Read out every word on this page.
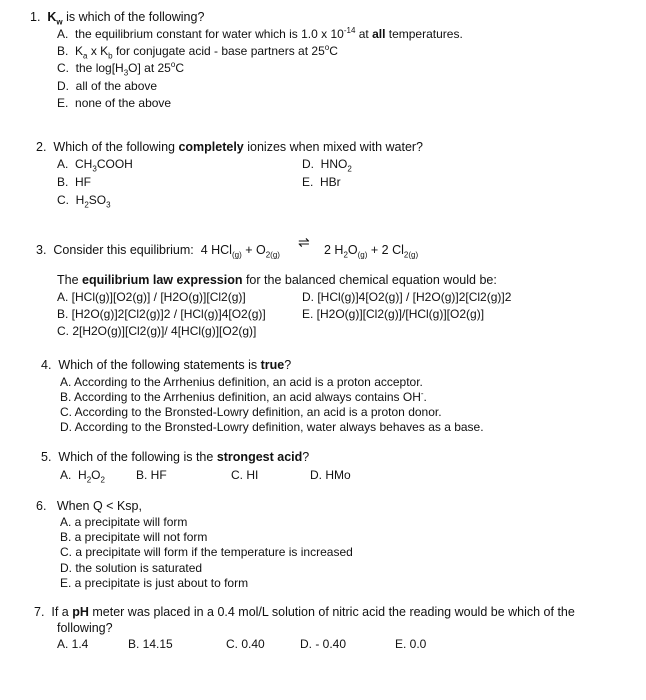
1. $K_w$ is which of the following?
A. the equilibrium constant for water which is 1.0 x $10^{-14}$ at all temperatures.
B. $K_a$ x $K_b$ for conjugate acid - base partners at 25$^o$C
C. the $\log[H_3O]$ at 25$^o$C
D. all of the above
E. none of the above
2. Which of the following completely ionizes when mixed with water?
A. $CH_3COOH$
B. HF
C. $H_2SO_3$
D. $HNO_2$
E. HBr
3. Consider this equilibrium: 4 $HCl_{(g)} + O_{2(g)}$
⇌ 2 $H_2O_{(g)} + 2$ $Cl_{2(g)}$
The equilibrium law expression for the balanced chemical equation would be:
A. [HCl(g)][O2(g)] / [H2O(g)][Cl2(g)]
B. [H2O(g)]2[Cl2(g)]2 / [HCl(g)]4[O2(g)]
C. 2[H2O(g)][Cl2(g)]/ 4[HCl(g)][O2(g)]
D. [HCl(g)]4[O2(g)] / [H2O(g)]2[Cl2(g)]2
E. [H2O(g)][Cl2(g)]/[HCl(g)][O2(g)]
4. Which of the following statements is true?
A. According to the Arrhenius definition, an acid is a proton acceptor.
B. According to the Arrhenius definition, an acid always contains OH-.
C. According to the Bronsted-Lowry definition, an acid is a proton donor.
D. According to the Bronsted-Lowry definition, water always behaves as a base.
5. Which of the following is the strongest acid?
A. $H_2O_2$	B. HF	C. HI	D. HMo
6. When Q < Ksp,
A. a precipitate will form
B. a precipitate will not form
C. a precipitate will form if the temperature is increased
D. the solution is saturated
E. a precipitate is just about to form
7. If a pH meter was placed in a 0.4 mol/L solution of nitric acid the reading would be which of the
following?
A. 1.4	B. 14.15	C. 0.40	D. - 0.40	E. 0.0
